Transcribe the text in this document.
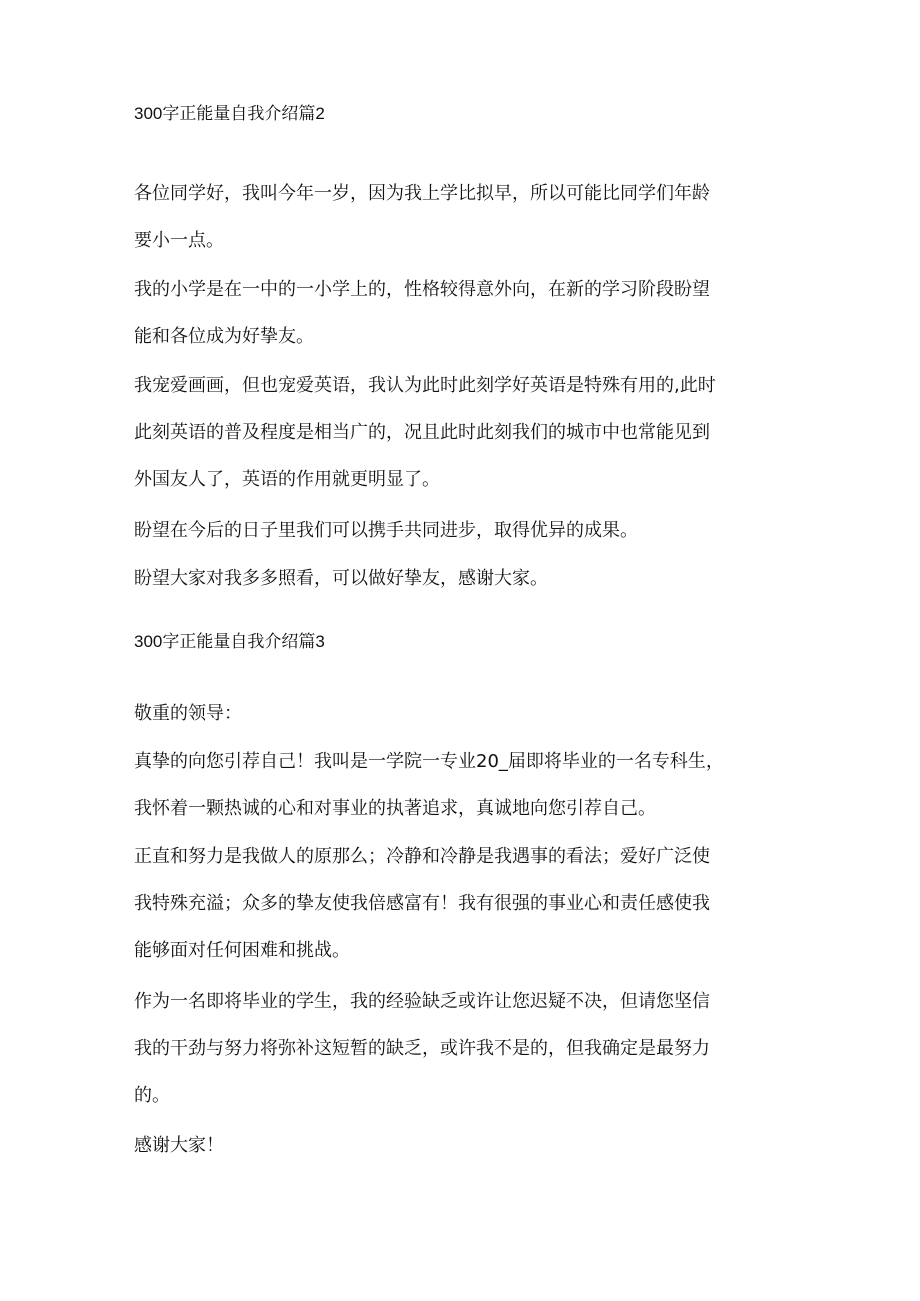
300字正能量自我介绍篇2

各位同学好，我叫今年一岁，因为我上学比拟早，所以可能比同学们年龄
要小一点。

我的小学是在一中的一小学上的，性格较得意外向，在新的学习阶段盼望
能和各位成为好挚友。

我宠爱画画，但也宠爱英语，我认为此时此刻学好英语是特殊有用的,此时
此刻英语的普及程度是相当广的，况且此时此刻我们的城市中也常能见到
外国友人了，英语的作用就更明显了。

盼望在今后的日子里我们可以携手共同进步，取得优异的成果。

盼望大家对我多多照看，可以做好挚友，感谢大家。

300字正能量自我介绍篇3

敬重的领导：

真挚的向您引荐自己！我叫是一学院一专业20_届即将毕业的一名专科生，
我怀着一颗热诚的心和对事业的执著追求，真诚地向您引荐自己。

正直和努力是我做人的原那么；冷静和冷静是我遇事的看法；爱好广泛使
我特殊充溢；众多的挚友使我倍感富有！我有很强的事业心和责任感使我
能够面对任何困难和挑战。

作为一名即将毕业的学生，我的经验缺乏或许让您迟疑不决，但请您坚信
我的干劲与努力将弥补这短暂的缺乏，或许我不是的，但我确定是最努力
的。

感谢大家！
